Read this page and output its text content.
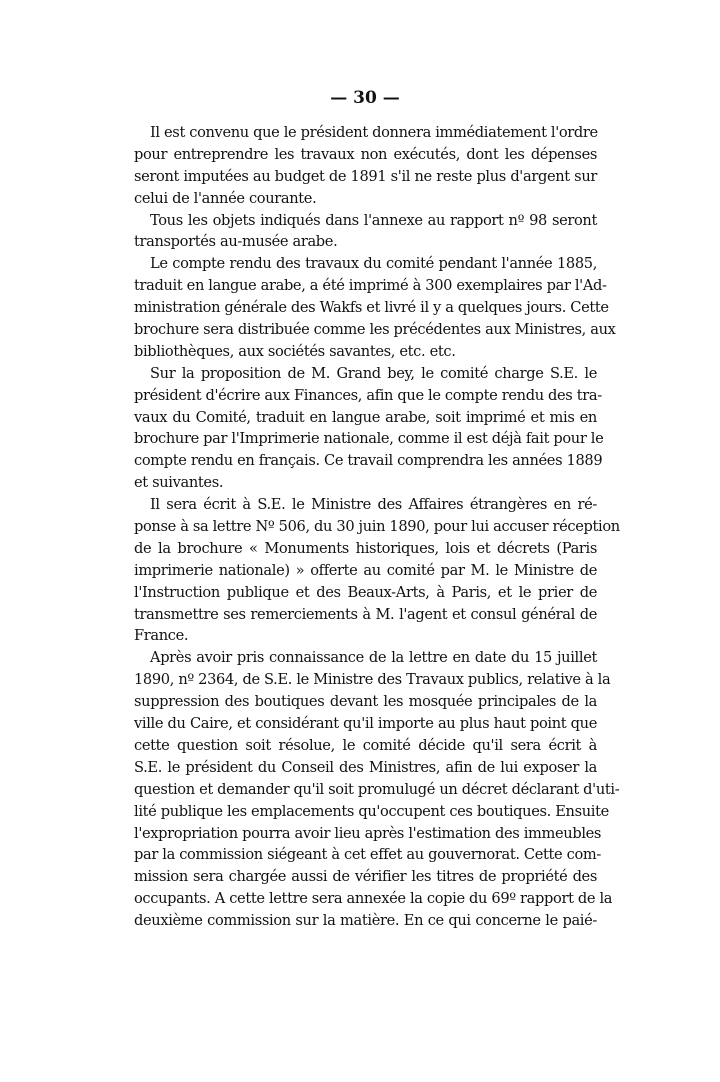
— 30 —
Il est convenu que le président donnera immédiatement l'ordre
pour entreprendre les travaux non exécutés, dont les dépenses
seront imputées au budget de 1891 s'il ne reste plus d'argent sur
celui de l'année courante.
Tous les objets indiqués dans l'annexe au rapport nº 98 seront
transportés au-musée arabe.
Le compte rendu des travaux du comité pendant l'année 1885,
traduit en langue arabe, a été imprimé à 300 exemplaires par l'Ad-
ministration générale des Wakfs et livré il y a quelques jours. Cette
brochure sera distribuée comme les précédentes aux Ministres, aux
bibliothèques, aux sociétés savantes, etc. etc.
Sur la proposition de M. Grand bey, le comité charge S.E. le
président d'écrire aux Finances, afin que le compte rendu des tra-
vaux du Comité, traduit en langue arabe, soit imprimé et mis en
brochure par l'Imprimerie nationale, comme il est déjà fait pour le
compte rendu en français. Ce travail comprendra les années 1889
et suivantes.
Il sera écrit à S.E. le Ministre des Affaires étrangères en ré-
ponse à sa lettre Nº 506, du 30 juin 1890, pour lui accuser réception
de la brochure « Monuments historiques, lois et décrets (Paris
imprimerie nationale) » offerte au comité par M. le Ministre de
l'Instruction publique et des Beaux-Arts, à Paris, et le prier de
transmettre ses remerciements à M. l'agent et consul général de
France.
Après avoir pris connaissance de la lettre en date du 15 juillet
1890, nº 2364, de S.E. le Ministre des Travaux publics, relative à la
suppression des boutiques devant les mosquée principales de la
ville du Caire, et considérant qu'il importe au plus haut point que
cette question soit résolue, le comité décide qu'il sera écrit à
S.E. le président du Conseil des Ministres, afin de lui exposer la
question et demander qu'il soit promulugé un décret déclarant d'uti-
lité publique les emplacements qu'occupent ces boutiques. Ensuite
l'expropriation pourra avoir lieu après l'estimation des immeubles
par la commission siégeant à cet effet au gouvernorat. Cette com-
mission sera chargée aussi de vérifier les titres de propriété des
occupants. A cette lettre sera annexée la copie du 69º rapport de la
deuxième commission sur la matière. En ce qui concerne le paié-
